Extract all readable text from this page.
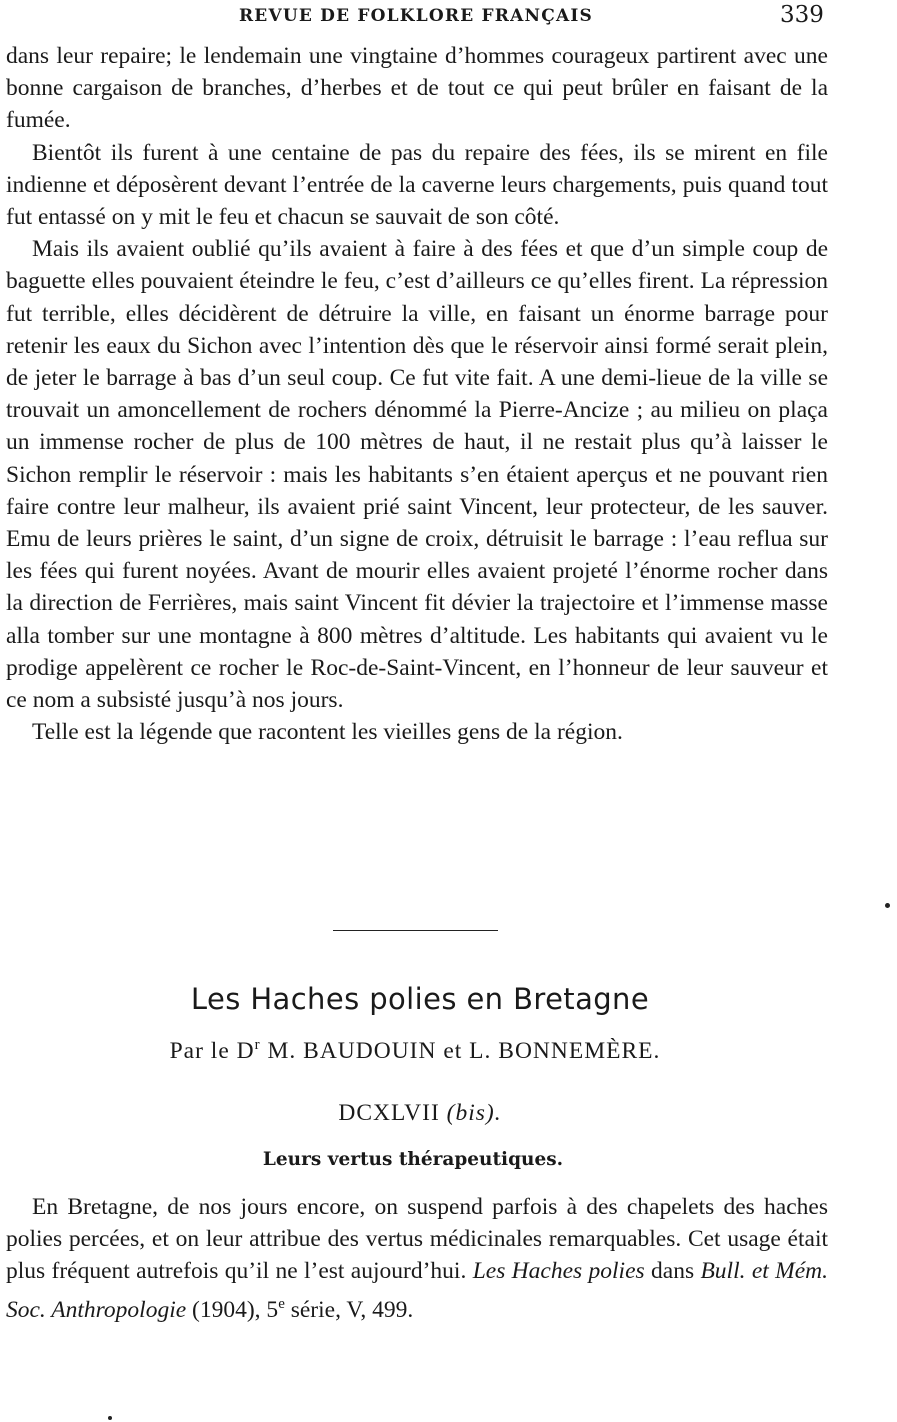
REVUE DE FOLKLORE FRANÇAIS	339

dans leur repaire; le lendemain une vingtaine d’hommes courageux partirent avec une bonne cargaison de branches, d’herbes et de tout ce qui peut brûler en faisant de la fumée.

Bientôt ils furent à une centaine de pas du repaire des fées, ils se mirent en file indienne et déposèrent devant l’entrée de la caverne leurs chargements, puis quand tout fut entassé on y mit le feu et chacun se sauvait de son côté.

Mais ils avaient oublié qu’ils avaient à faire à des fées et que d’un simple coup de baguette elles pouvaient éteindre le feu, c’est d’ailleurs ce qu’elles firent. La répression fut terrible, elles décidèrent de détruire la ville, en faisant un énorme barrage pour retenir les eaux du Sichon avec l’intention dès que le réservoir ainsi formé serait plein, de jeter le barrage à bas d’un seul coup. Ce fut vite fait. A une demi-lieue de la ville se trouvait un amoncellement de rochers dénommé la Pierre-Ancize ; au milieu on plaça un immense rocher de plus de 100 mètres de haut, il ne restait plus qu’à laisser le Sichon remplir le réservoir : mais les habitants s’en étaient aperçus et ne pouvant rien faire contre leur malheur, ils avaient prié saint Vincent, leur protecteur, de les sauver. Emu de leurs prières le saint, d’un signe de croix, détruisit le barrage : l’eau reflua sur les fées qui furent noyées. Avant de mourir elles avaient projeté l’énorme rocher dans la direction de Ferrières, mais saint Vincent fit dévier la trajectoire et l’immense masse alla tomber sur une montagne à 800 mètres d’altitude. Les habitants qui avaient vu le prodige appelèrent ce rocher le Roc-de-Saint-Vincent, en l’honneur de leur sauveur et ce nom a subsisté jusqu’à nos jours.

Telle est la légende que racontent les vieilles gens de la région.

Les Haches polies en Bretagne
Par le $D^r$ M. BAUDOUIN et L. BONNEMÈRE.
DCXLVII (bis).
Leurs vertus thérapeutiques.

En Bretagne, de nos jours encore, on suspend parfois à des chapelets des haches polies percées, et on leur attribue des vertus médicinales remarquables. Cet usage était plus fréquent autrefois qu’il ne l’est aujourd’hui. Les Haches polies dans Bull. et Mém. Soc. Anthropologie (1904), 5e série, V, 499.
